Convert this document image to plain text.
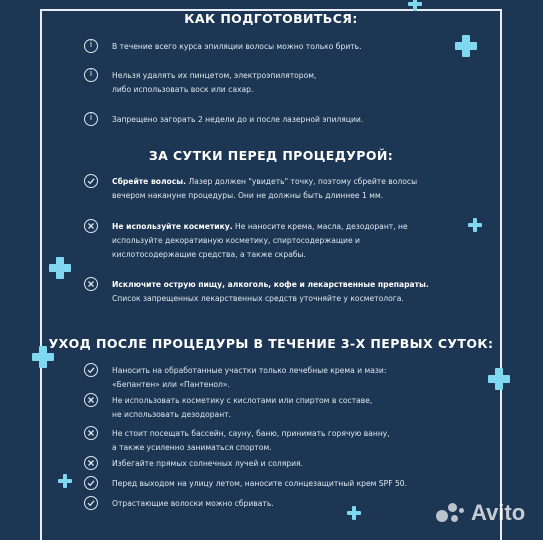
КАК ПОДГОТОВИТЬСЯ:
i	В течение всего курса эпиляции волосы можно только брить.
i	Нельзя удалять их пинцетом, электроэпилятором,
либо использовать воск или сахар.
i	Запрещено загорать 2 недели до и после лазерной эпиляции.
ЗА СУТКИ ПЕРЕД ПРОЦЕДУРОЙ:
Сбрейте волосы. Лазер должен "увидеть" точку, поэтому сбрейте волосы
вечером накануне процедуры. Они не должны быть длиннее 1 мм.
Не используйте косметику. Не наносите крема, масла, дезодорант, не
используйте декоративную косметику, спиртосодержащие и
кислотосодержащие средства, а также скрабы.
Исключите острую пищу, алкоголь, кофе и лекарственные препараты.
Список запрещенных лекарственных средств уточняйте у косметолога.
УХОД ПОСЛЕ ПРОЦЕДУРЫ В ТЕЧЕНИЕ 3-Х ПЕРВЫХ СУТОК:
Наносить на обработанные участки только лечебные крема и мази:
«Бепантен» или «Пантенол».
Не использовать косметику с кислотами или спиртом в составе,
не использовать дезодорант.
Не стоит посещать бассейн, сауну, баню, принимать горячую ванну,
а также усиленно заниматься спортом.
Избегайте прямых солнечных лучей и солярия.
Перед выходом на улицу летом, наносите солнцезащитный крем SPF 50.
Отрастающие волоски можно сбривать.	Avito
